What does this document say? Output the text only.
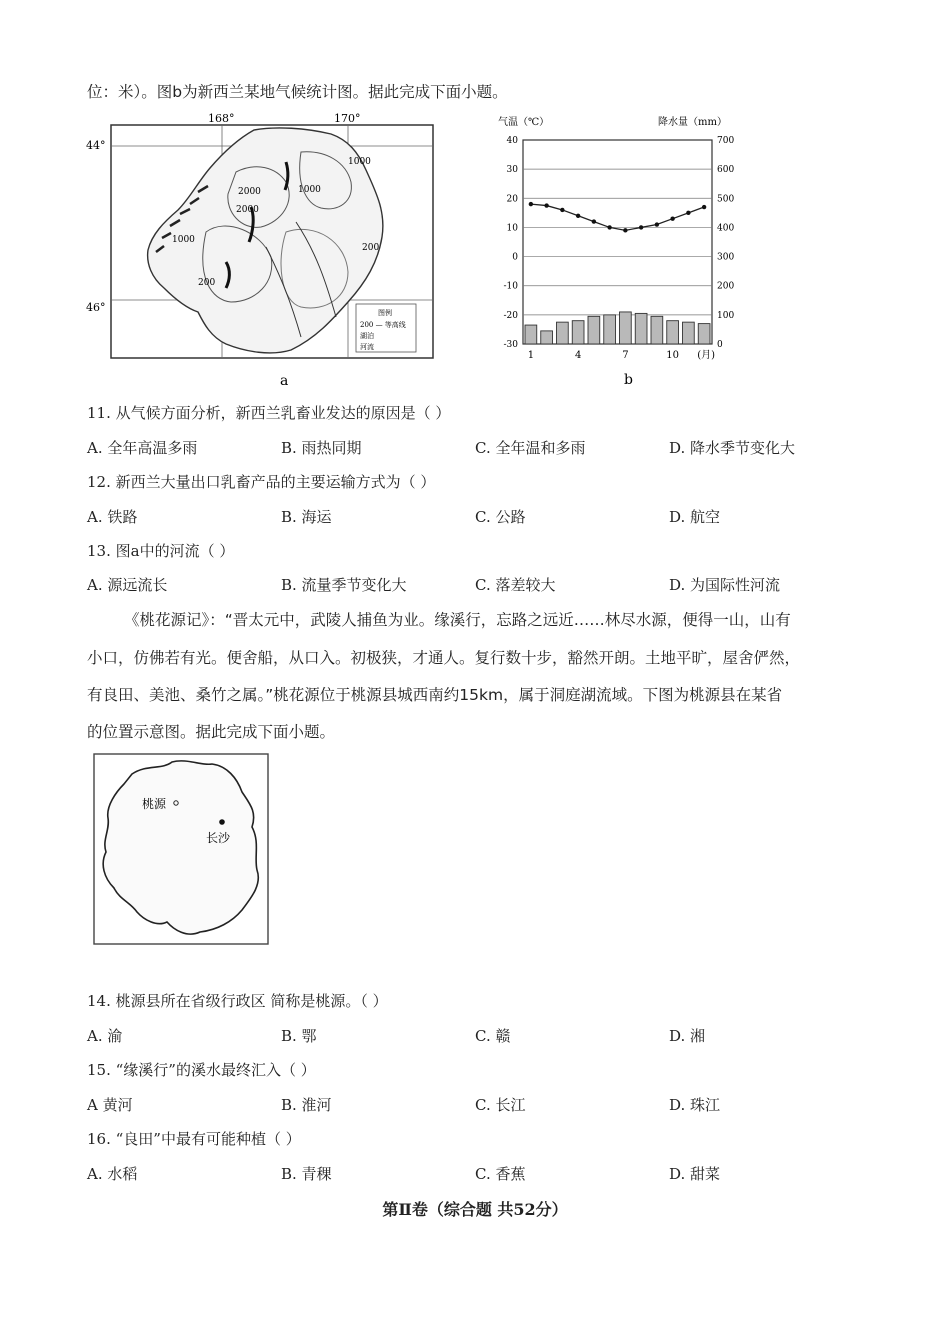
位：米）。图b为新西兰某地气候统计图。据此完成下面小题。
168°	170°
44°
46°
1000
2000
2000
1000
1000
200
200
图例
200 — 等高线
湖泊
河流
a
气温（℃）	降水量（mm）
40
30
20
10
0
-10
-20
-30
700
600
500
400
300
200
100
0
1	4	7	10 (月)
b
11. 从气候方面分析，新西兰乳畜业发达的原因是（ ）
A. 全年高温多雨	B. 雨热同期	C. 全年温和多雨	D. 降水季节变化大
12. 新西兰大量出口乳畜产品的主要运输方式为（ ）
A. 铁路	B. 海运	C. 公路	D. 航空
13. 图a中的河流（ ）
A. 源远流长	B. 流量季节变化大	C. 落差较大	D. 为国际性河流
《桃花源记》：“晋太元中，武陵人捕鱼为业。缘溪行，忘路之远近……林尽水源，便得一山，山有
小口，仿佛若有光。便舍船，从口入。初极狭，才通人。复行数十步，豁然开朗。土地平旷，屋舍俨然，
有良田、美池、桑竹之属。”桃花源位于桃源县城西南约15km，属于洞庭湖流域。下图为桃源县在某省
的位置示意图。据此完成下面小题。
桃源
长沙
14. 桃源县所在省级行政区 简称是桃源。（ ）
A. 渝	B. 鄂	C. 赣	D. 湘
15. “缘溪行”的溪水最终汇入（ ）
A 黄河	B. 淮河	C. 长江	D. 珠江
16. “良田”中最有可能种植（ ）
A. 水稻	B. 青稞	C. 香蕉	D. 甜菜
第Ⅱ卷（综合题 共52分）
